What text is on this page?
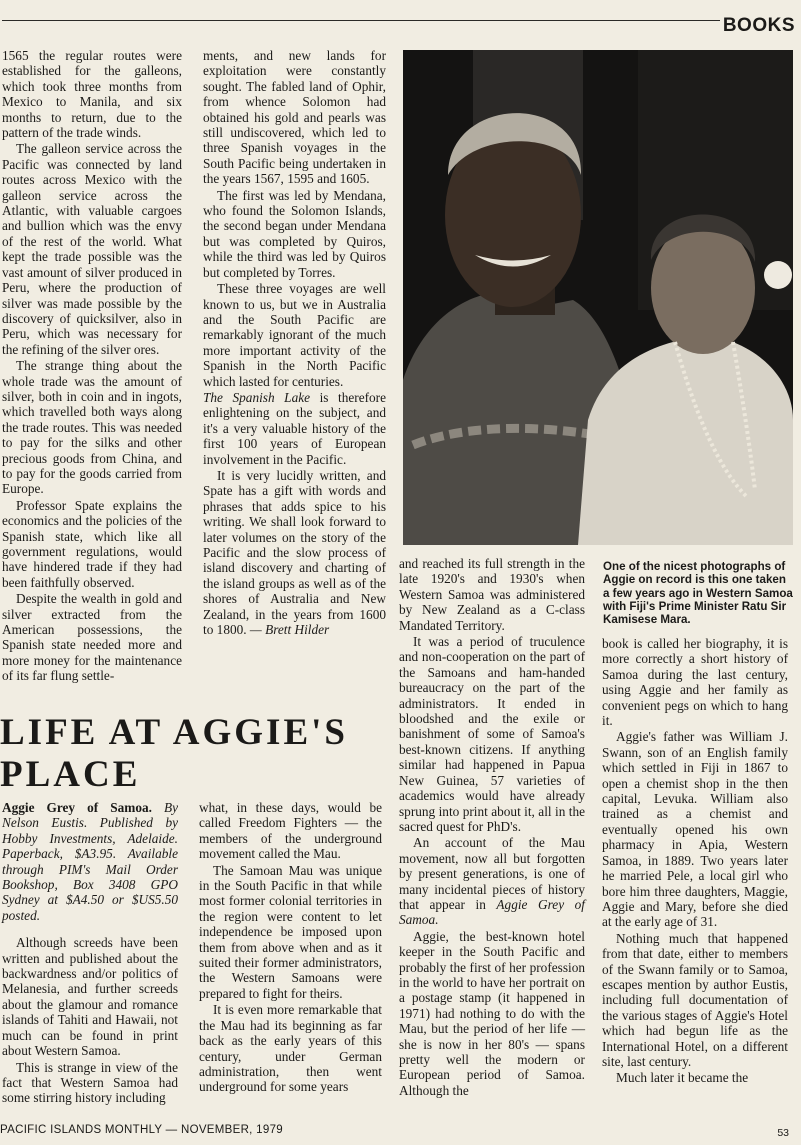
BOOKS

1565 the regular routes were established for the galleons, which took three months from Mexico to Manila, and six months to return, due to the pattern of the trade winds.

The galleon service across the Pacific was connected by land routes across Mexico with the galleon service across the Atlantic, with valuable cargoes and bullion which was the envy of the rest of the world. What kept the trade possible was the vast amount of silver produced in Peru, where the production of silver was made possible by the discovery of quicksilver, also in Peru, which was necessary for the refining of the silver ores.

The strange thing about the whole trade was the amount of silver, both in coin and in ingots, which travelled both ways along the trade routes. This was needed to pay for the silks and other precious goods from China, and to pay for the goods carried from Europe.

Professor Spate explains the economics and the policies of the Spanish state, which like all government regulations, would have hindered trade if they had been faithfully observed.

Despite the wealth in gold and silver extracted from the American possessions, the Spanish state needed more and more money for the maintenance of its far flung settle-

ments, and new lands for exploitation were constantly sought. The fabled land of Ophir, from whence Solomon had obtained his gold and pearls was still undiscovered, which led to three Spanish voyages in the South Pacific being undertaken in the years 1567, 1595 and 1605.

The first was led by Mendana, who found the Solomon Islands, the second began under Mendana but was completed by Quiros, while the third was led by Quiros but completed by Torres.

These three voyages are well known to us, but we in Australia and the South Pacific are remarkably ignorant of the much more important activity of the Spanish in the North Pacific which lasted for centuries.

The Spanish Lake is therefore enlightening on the subject, and it's a very valuable history of the first 100 years of European involvement in the Pacific.

It is very lucidly written, and Spate has a gift with words and phrases that adds spice to his writing. We shall look forward to later volumes on the story of the Pacific and the slow process of island discovery and charting of the island groups as well as of the shores of Australia and New Zealand, in the years from 1600 to 1800. — Brett Hilder

and reached its full strength in the late 1920's and 1930's when Western Samoa was administered by New Zealand as a C-class Mandated Territory.

It was a period of truculence and non-cooperation on the part of the Samoans and ham-handed bureaucracy on the part of the administrators. It ended in bloodshed and the exile or banishment of some of Samoa's best-known citizens. If anything similar had happened in Papua New Guinea, 57 varieties of academics would have already sprung into print about it, all in the sacred quest for PhD's.

An account of the Mau movement, now all but forgotten by present generations, is one of many incidental pieces of history that appear in Aggie Grey of Samoa.

Aggie, the best-known hotel keeper in the South Pacific and probably the first of her profession in the world to have her portrait on a postage stamp (it happened in 1971) had nothing to do with the Mau, but the period of her life — she is now in her 80's — spans pretty well the modern or European period of Samoa. Although the

One of the nicest photographs of Aggie on record is this one taken a few years ago in Western Samoa with Fiji's Prime Minister Ratu Sir Kamisese Mara.

book is called her biography, it is more correctly a short history of Samoa during the last century, using Aggie and her family as convenient pegs on which to hang it.

Aggie's father was William J. Swann, son of an English family which settled in Fiji in 1867 to open a chemist shop in the then capital, Levuka. William also trained as a chemist and eventually opened his own pharmacy in Apia, Western Samoa, in 1889. Two years later he married Pele, a local girl who bore him three daughters, Maggie, Aggie and Mary, before she died at the early age of 31.

Nothing much that happened from that date, either to members of the Swann family or to Samoa, escapes mention by author Eustis, including full documentation of the various stages of Aggie's Hotel which had begun life as the International Hotel, on a different site, last century.

Much later it became the

LIFE AT AGGIE'S PLACE

Aggie Grey of Samoa. By Nelson Eustis. Published by Hobby Investments, Adelaide. Paperback, $A3.95. Available through PIM's Mail Order Bookshop, Box 3408 GPO Sydney at $A4.50 or $US5.50 posted.

Although screeds have been written and published about the backwardness and/or politics of Melanesia, and further screeds about the glamour and romance islands of Tahiti and Hawaii, not much can be found in print about Western Samoa.

This is strange in view of the fact that Western Samoa had some stirring history including

what, in these days, would be called Freedom Fighters — the members of the underground movement called the Mau.

The Samoan Mau was unique in the South Pacific in that while most former colonial territories in the region were content to let independence be imposed upon them from above when and as it suited their former administrators, the Western Samoans were prepared to fight for theirs.

It is even more remarkable that the Mau had its beginning as far back as the early years of this century, under German administration, then went underground for some years

PACIFIC ISLANDS MONTHLY — NOVEMBER, 1979	53
